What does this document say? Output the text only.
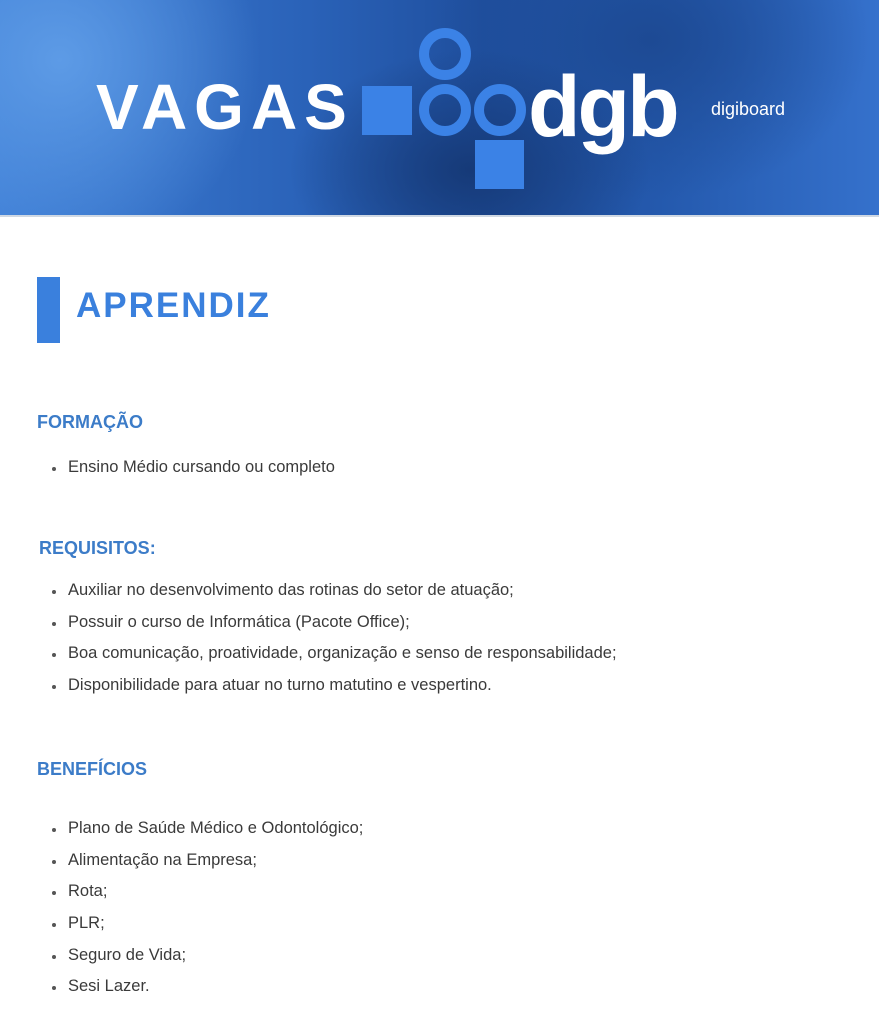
VAGAS dgb digiboard
APRENDIZ
FORMAÇÃO
Ensino Médio cursando ou completo
REQUISITOS:
Auxiliar no desenvolvimento das rotinas do setor de atuação;
Possuir o curso de Informática (Pacote Office);
Boa comunicação, proatividade, organização e senso de responsabilidade;
Disponibilidade para atuar no turno matutino e vespertino.
BENEFÍCIOS
Plano de Saúde Médico e Odontológico;
Alimentação na Empresa;
Rota;
PLR;
Seguro de Vida;
Sesi Lazer.
